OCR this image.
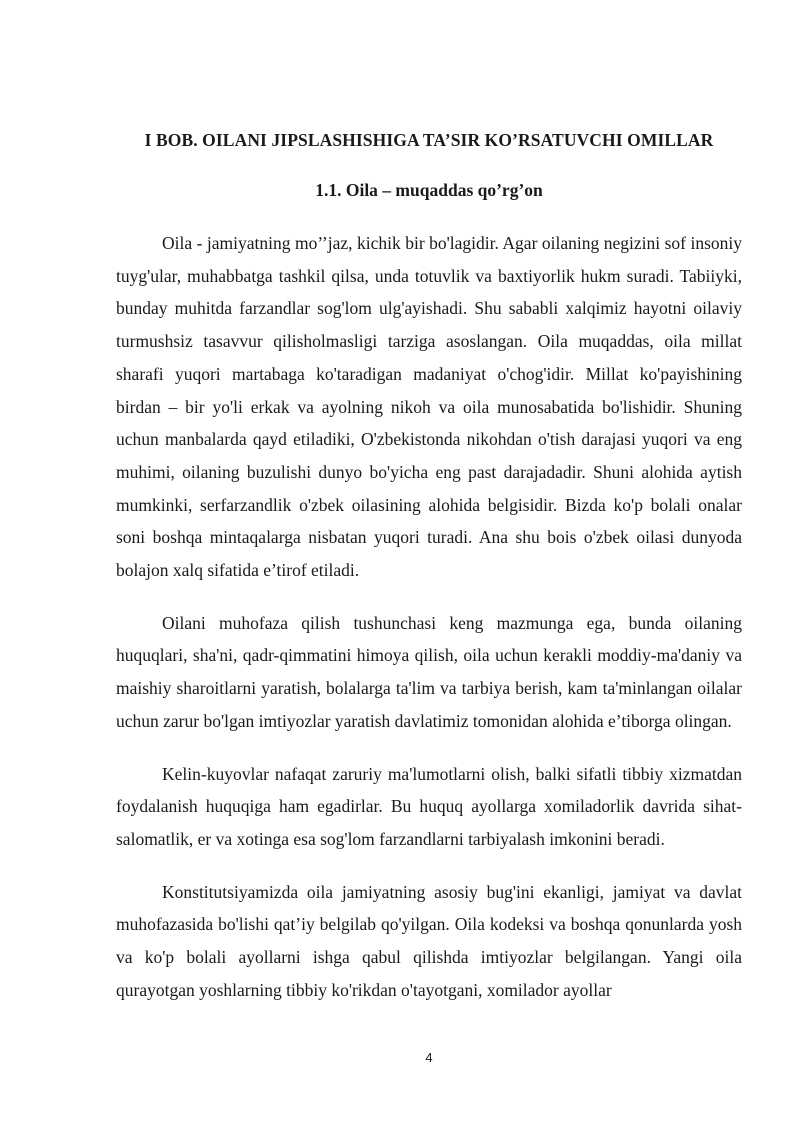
I BOB. OILANI JIPSLASHISHIGA TA’SIR KO’RSATUVCHI OMILLAR
1.1. Oila – muqaddas qo’rg’on

Oila - jamiyatning mo’’jaz, kichik bir bo'lagidir. Agar oilaning negizini sof insoniy tuyg'ular, muhabbatga tashkil qilsa, unda totuvlik va baxtiyorlik hukm suradi. Tabiiyki, bunday muhitda farzandlar sog'lom ulg'ayishadi. Shu sababli xalqimiz hayotni oilaviy turmushsiz tasavvur qilisholmasligi tarziga asoslangan. Oila muqaddas, oila millat sharafi yuqori martabaga ko'taradigan madaniyat o'chog'idir. Millat ko'payishining birdan – bir yo'li erkak va ayolning nikoh va oila munosabatida bo'lishidir. Shuning uchun manbalarda qayd etiladiki, O'zbekistonda nikohdan o'tish darajasi yuqori va eng muhimi, oilaning buzulishi dunyo bo'yicha eng past darajadadir. Shuni alohida aytish mumkinki, serfarzandlik o'zbek oilasining alohida belgisidir. Bizda ko'p bolali onalar soni boshqa mintaqalarga nisbatan yuqori turadi. Ana shu bois o'zbek oilasi dunyoda bolajon xalq sifatida e’tirof etiladi.

Oilani muhofaza qilish tushunchasi keng mazmunga ega, bunda oilaning huquqlari, sha'ni, qadr-qimmatini himoya qilish, oila uchun kerakli moddiy-ma'daniy va maishiy sharoitlarni yaratish, bolalarga ta'lim va tarbiya berish, kam ta'minlangan oilalar uchun zarur bo'lgan imtiyozlar yaratish davlatimiz tomonidan alohida e’tiborga olingan.

Kelin-kuyovlar nafaqat zaruriy ma'lumotlarni olish, balki sifatli tibbiy xizmatdan foydalanish huquqiga ham egadirlar. Bu huquq ayollarga xomiladorlik davrida sihat-salomatlik, er va xotinga esa sog'lom farzandlarni tarbiyalash imkonini beradi.

Konstitutsiyamizda oila jamiyatning asosiy bug'ini ekanligi, jamiyat va davlat muhofazasida bo'lishi qat’iy belgilab qo'yilgan. Oila kodeksi va boshqa qonunlarda yosh va ko'p bolali ayollarni ishga qabul qilishda imtiyozlar belgilangan. Yangi oila qurayotgan yoshlarning tibbiy ko'rikdan o'tayotgani, xomilador ayollar

4
